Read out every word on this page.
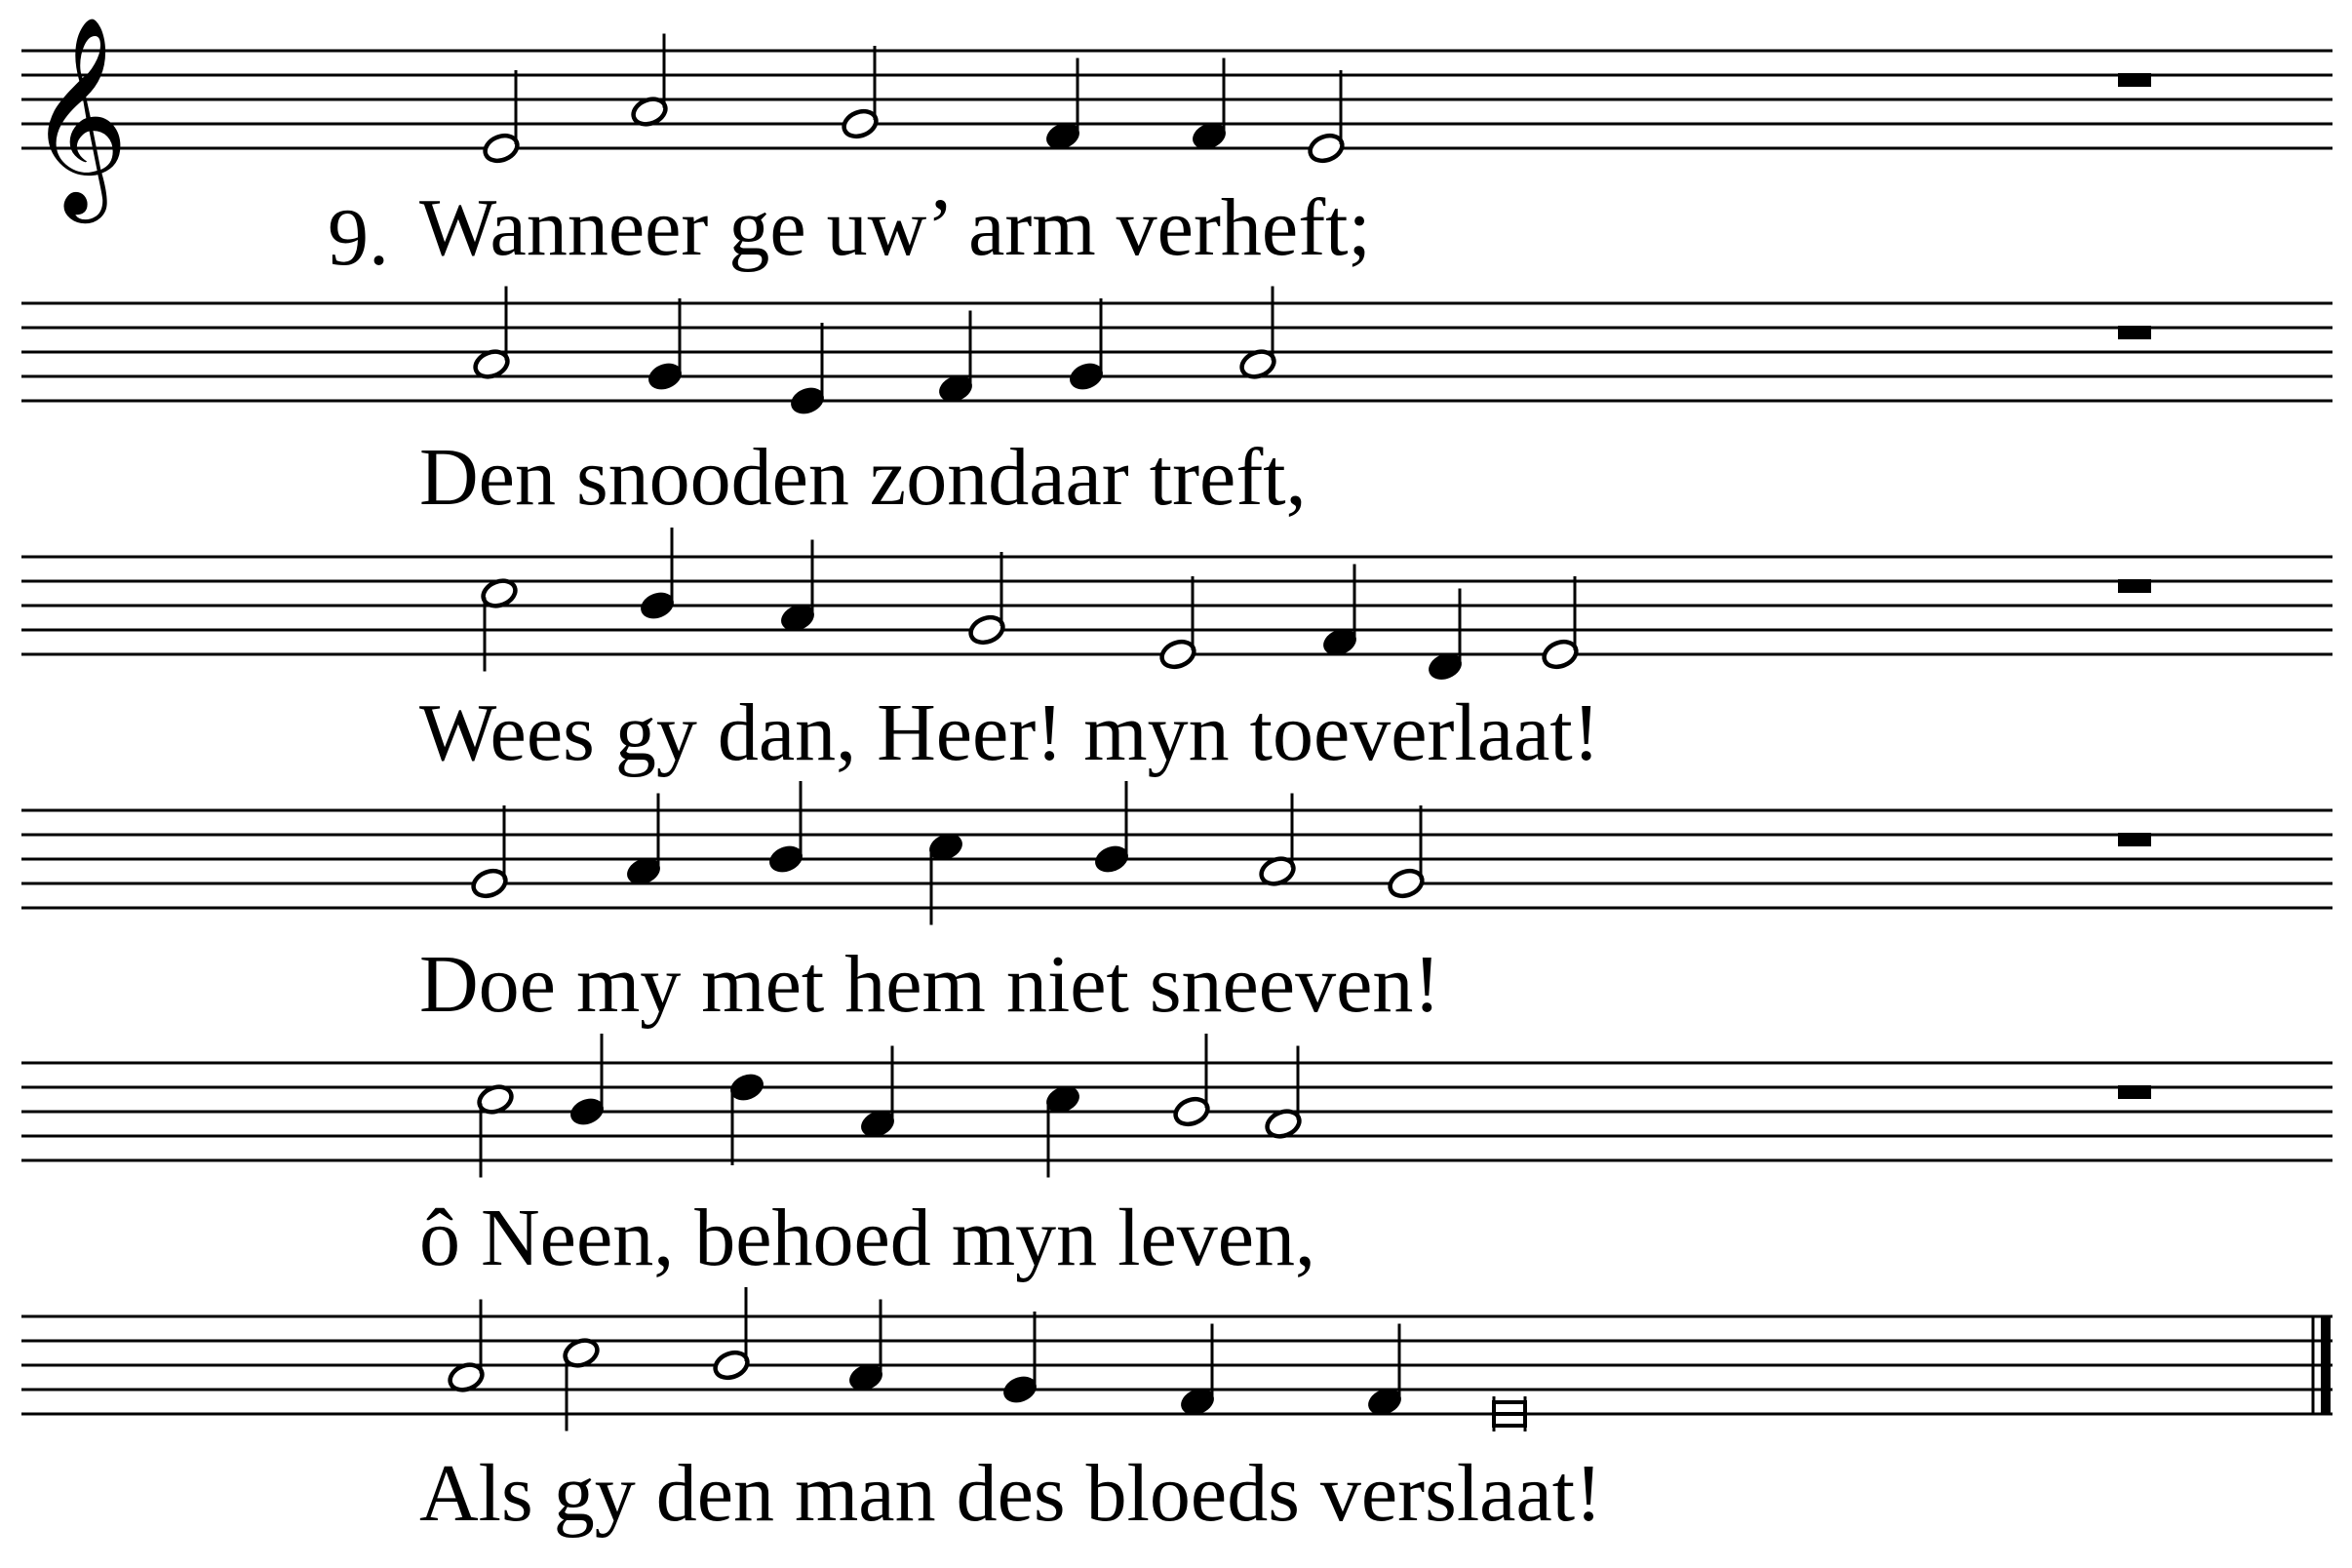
𝄞
9. Wanneer ge uw’ arm verheft;
Den snooden zondaar treft,
Wees gy dan, Heer! myn toeverlaat!
Doe my met hem niet sneeven!
ô Neen, behoed myn leven,
Als gy den man des bloeds verslaat!
